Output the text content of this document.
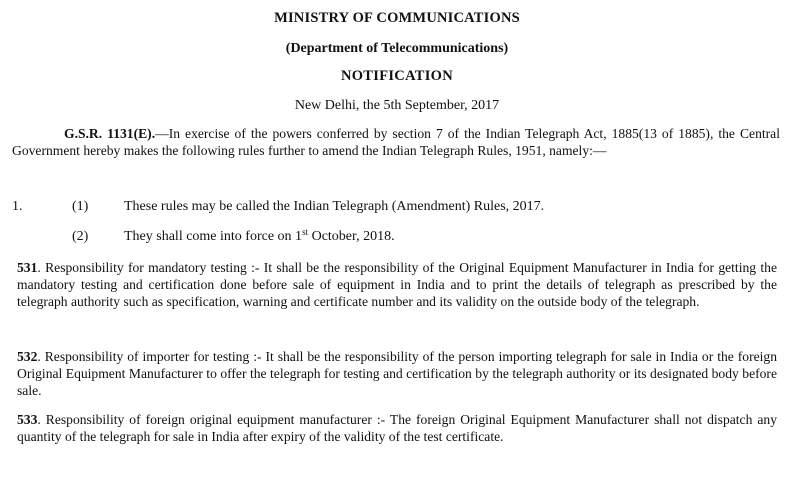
MINISTRY OF COMMUNICATIONS
(Department of Telecommunications)
NOTIFICATION
New Delhi, the 5th September, 2017
G.S.R. 1131(E).—In exercise of the powers conferred by section 7 of the Indian Telegraph Act, 1885(13 of 1885), the Central Government hereby makes the following rules further to amend the Indian Telegraph Rules, 1951, namely:—
1.	(1)	These rules may be called the Indian Telegraph (Amendment) Rules, 2017.
(2)	They shall come into force on 1st October, 2018.
531. Responsibility for mandatory testing :- It shall be the responsibility of the Original Equipment Manufacturer in India for getting the mandatory testing and certification done before sale of equipment in India and to print the details of telegraph as prescribed by the telegraph authority such as specification, warning and certificate number and its validity on the outside body of the telegraph.
532. Responsibility of importer for testing :- It shall be the responsibility of the person importing telegraph for sale in India or the foreign Original Equipment Manufacturer to offer the telegraph for testing and certification by the telegraph authority or its designated body before sale.
533. Responsibility of foreign original equipment manufacturer :- The foreign Original Equipment Manufacturer shall not dispatch any quantity of the telegraph for sale in India after expiry of the validity of the test certificate.
